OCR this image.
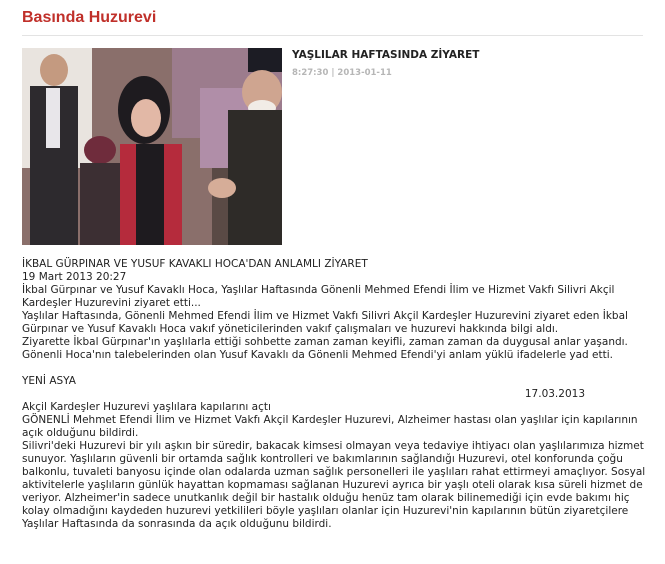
Basında Huzurevi
YAŞLILAR HAFTASINDA ZİYARET
8:27:30 | 2013-01-11
İKBAL GÜRPINAR VE YUSUF KAVAKLI HOCA'DAN ANLAMLI ZİYARET
19 Mart 2013 20:27
İkbal Gürpınar ve Yusuf Kavaklı Hoca, Yaşlılar Haftasında Gönenli Mehmed Efendi İlim ve Hizmet Vakfı Silivri Akçil
Kardeşler Huzurevini ziyaret etti...
Yaşlılar Haftasında, Gönenli Mehmed Efendi İlim ve Hizmet Vakfı Silivri Akçil Kardeşler Huzurevini ziyaret eden İkbal
Gürpınar ve Yusuf Kavaklı Hoca vakıf yöneticilerinden vakıf çalışmaları ve huzurevi hakkında bilgi aldı.
Ziyarette İkbal Gürpınar'ın yaşlılarla ettiği sohbette zaman zaman keyifli, zaman zaman da duygusal anlar yaşandı.
Gönenli Hoca'nın talebelerinden olan Yusuf Kavaklı da Gönenli Mehmed Efendi'yi anlam yüklü ifadelerle yad etti.
YENİ ASYA
17.03.2013
Akçil Kardeşler Huzurevi yaşlılara kapılarını açtı
GÖNENLİ Mehmet Efendi İlim ve Hizmet Vakfı Akçil Kardeşler Huzurevi, Alzheimer hastası olan yaşlılar için kapılarının
açık olduğunu bildirdi.
Silivri'deki Huzurevi bir yılı aşkın bir süredir, bakacak kimsesi olmayan veya tedaviye ihtiyacı olan yaşlılarımıza hizmet
sunuyor. Yaşlıların güvenli bir ortamda sağlık kontrolleri ve bakımlarının sağlandığı Huzurevi, otel konforunda çoğu
balkonlu, tuvaleti banyosu içinde olan odalarda uzman sağlık personelleri ile yaşlıları rahat ettirmeyi amaçlıyor. Sosyal
aktivitelerle yaşlıların günlük hayattan kopmaması sağlanan Huzurevi ayrıca bir yaşlı oteli olarak kısa süreli hizmet de
veriyor. Alzheimer'in sadece unutkanlık değil bir hastalık olduğu henüz tam olarak bilinemediği için evde bakımı hiç
kolay olmadığını kaydeden huzurevi yetkilileri böyle yaşlıları olanlar için Huzurevi'nin kapılarının bütün ziyaretçilere
Yaşlılar Haftasında da sonrasında da açık olduğunu bildirdi.
